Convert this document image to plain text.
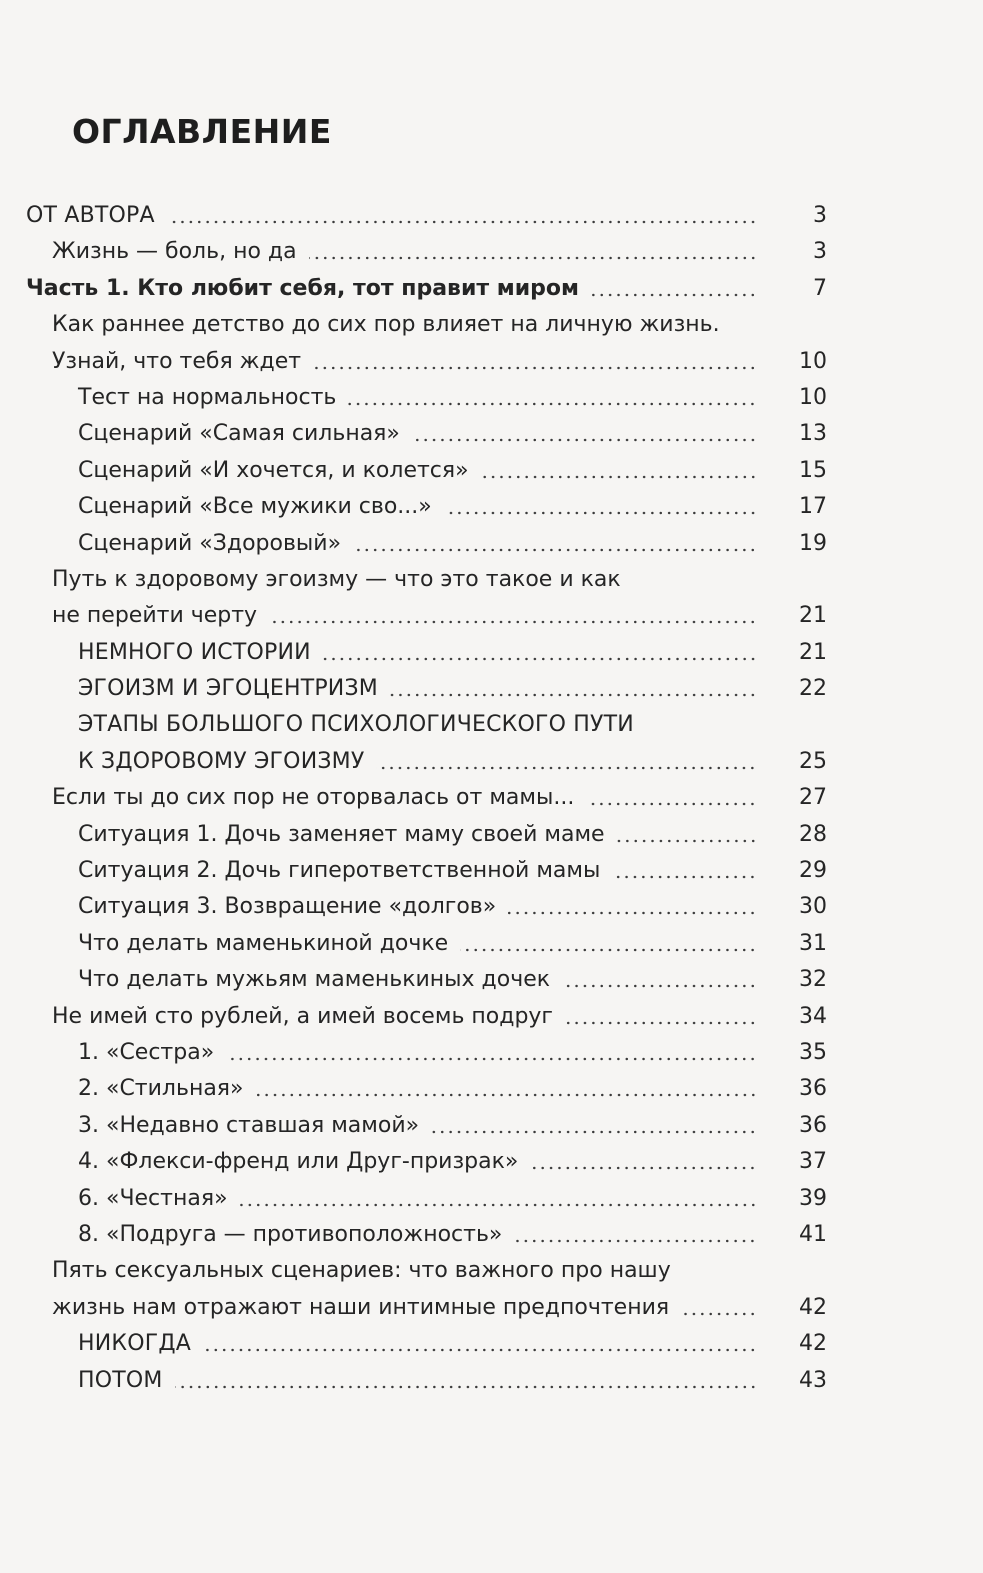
ОГЛАВЛЕНИЕ
ОТ АВТОРА	3
Жизнь — боль, но да	3
Часть 1. Кто любит себя, тот правит миром	7
Как раннее детство до сих пор влияет на личную жизнь.
Узнай, что тебя ждет	10
Тест на нормальность	10
Сценарий «Самая сильная»	13
Сценарий «И хочется, и колется»	15
Сценарий «Все мужики сво...»	17
Сценарий «Здоровый»	19
Путь к здоровому эгоизму — что это такое и как
не перейти черту	21
НЕМНОГО ИСТОРИИ	21
ЭГОИЗМ И ЭГОЦЕНТРИЗМ	22
ЭТАПЫ БОЛЬШОГО ПСИХОЛОГИЧЕСКОГО ПУТИ
К ЗДОРОВОМУ ЭГОИЗМУ	25
Если ты до сих пор не оторвалась от мамы...	27
Ситуация 1. Дочь заменяет маму своей маме	28
Ситуация 2. Дочь гиперответственной мамы	29
Ситуация 3. Возвращение «долгов»	30
Что делать маменькиной дочке	31
Что делать мужьям маменькиных дочек	32
Не имей сто рублей, а имей восемь подруг	34
1. «Сестра»	35
2. «Стильная»	36
3. «Недавно ставшая мамой»	36
4. «Флекси-френд или Друг-призрак»	37
6. «Честная»	39
8. «Подруга — противоположность»	41
Пять сексуальных сценариев: что важного про нашу
жизнь нам отражают наши интимные предпочтения	42
НИКОГДА	42
ПОТОМ	43
